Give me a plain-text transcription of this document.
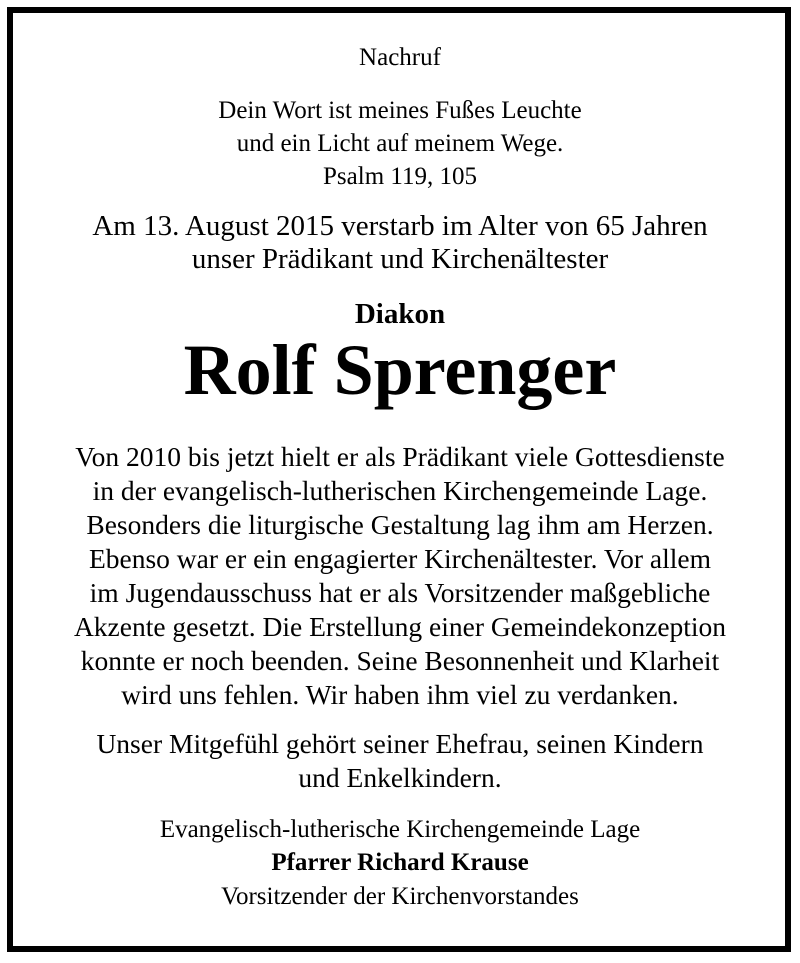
Nachruf
Dein Wort ist meines Fußes Leuchte
und ein Licht auf meinem Wege.
Psalm 119, 105
Am 13. August 2015 verstarb im Alter von 65 Jahren
unser Prädikant und Kirchenältester
Diakon
Rolf Sprenger
Von 2010 bis jetzt hielt er als Prädikant viele Gottesdienste
in der evangelisch-lutherischen Kirchengemeinde Lage.
Besonders die liturgische Gestaltung lag ihm am Herzen.
Ebenso war er ein engagierter Kirchenältester. Vor allem
im Jugendausschuss hat er als Vorsitzender maßgebliche
Akzente gesetzt. Die Erstellung einer Gemeindekonzeption
konnte er noch beenden. Seine Besonnenheit und Klarheit
wird uns fehlen. Wir haben ihm viel zu verdanken.
Unser Mitgefühl gehört seiner Ehefrau, seinen Kindern
und Enkelkindern.
Evangelisch-lutherische Kirchengemeinde Lage
Pfarrer Richard Krause
Vorsitzender der Kirchenvorstandes
